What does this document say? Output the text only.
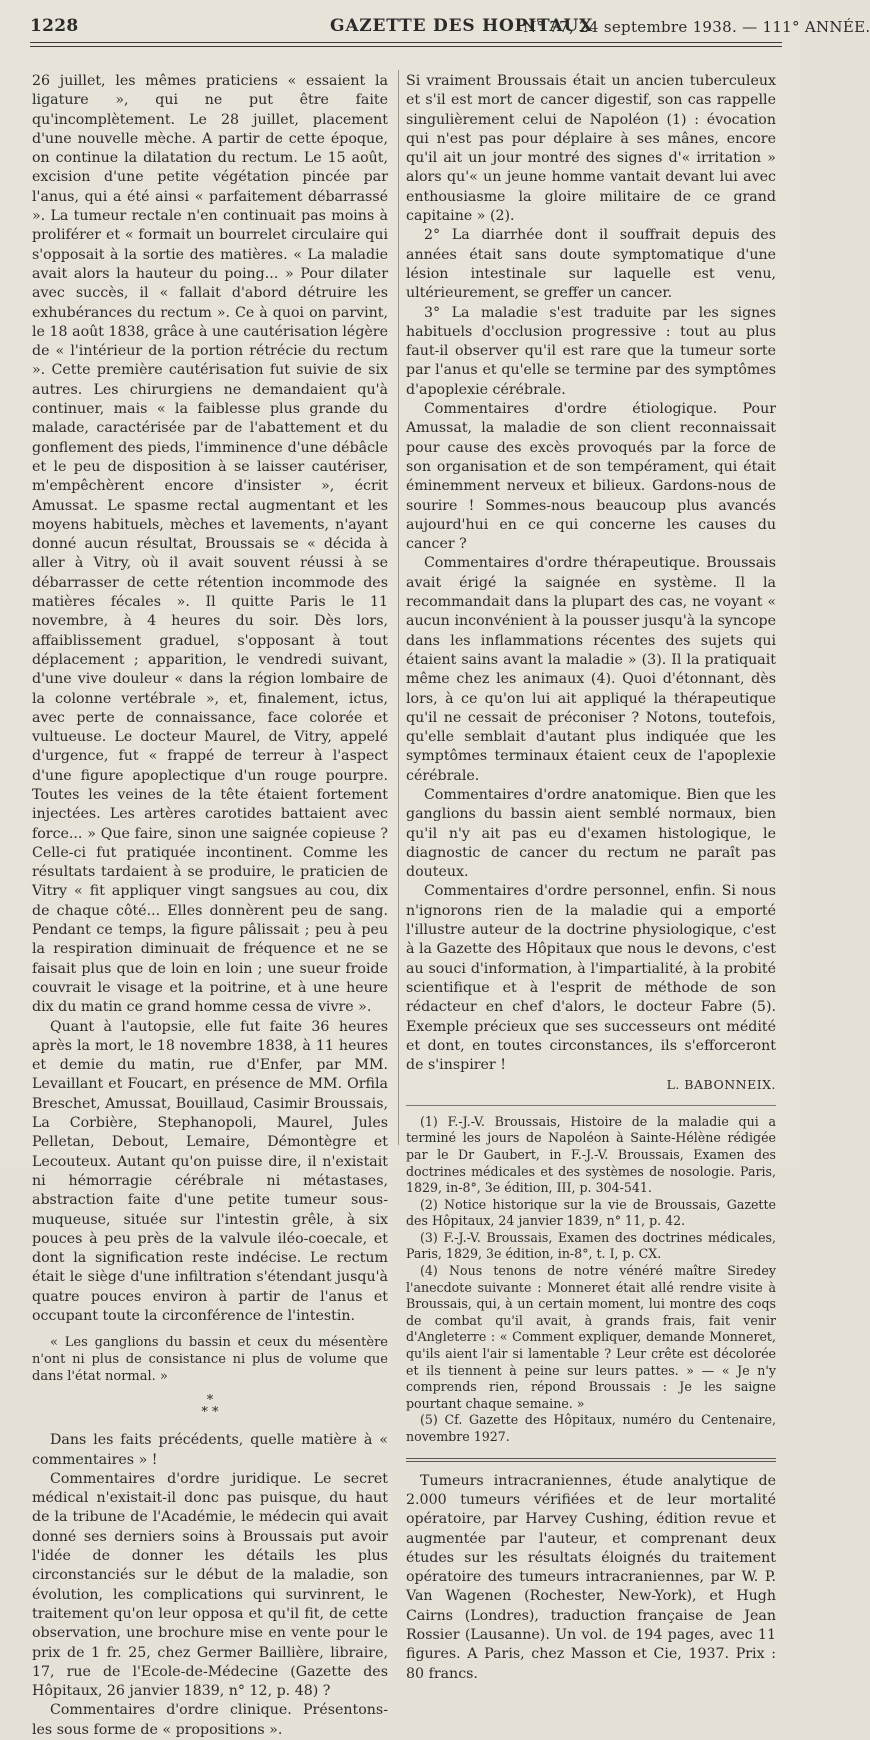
1228	GAZETTE DES HOPITAUX
N° 77, 24 septembre 1938. — 111° ANNÉE.

26 juillet, les mêmes praticiens « essaient la ligature », qui ne put être faite qu'incomplètement. Le 28 juillet, placement d'une nouvelle mèche. A partir de cette époque, on continue la dilatation du rectum. Le 15 août, excision d'une petite végétation pincée par l'anus, qui a été ainsi « parfaitement débarrassé ». La tumeur rectale n'en continuait pas moins à proliférer et « formait un bourrelet circulaire qui s'opposait à la sortie des matières. « La maladie avait alors la hauteur du poing... » Pour dilater avec succès, il « fallait d'abord détruire les exhubérances du rectum ». Ce à quoi on parvint, le 18 août 1838, grâce à une cautérisation légère de « l'intérieur de la portion rétrécie du rectum ». Cette première cautérisation fut suivie de six autres. Les chirurgiens ne demandaient qu'à continuer, mais « la faiblesse plus grande du malade, caractérisée par de l'abattement et du gonflement des pieds, l'imminence d'une débâcle et le peu de disposition à se laisser cautériser, m'empêchèrent encore d'insister », écrit Amussat. Le spasme rectal augmentant et les moyens habituels, mèches et lavements, n'ayant donné aucun résultat, Broussais se « décida à aller à Vitry, où il avait souvent réussi à se débarrasser de cette rétention incommode des matières fécales ». Il quitte Paris le 11 novembre, à 4 heures du soir. Dès lors, affaiblissement graduel, s'opposant à tout déplacement ; apparition, le vendredi suivant, d'une vive douleur « dans la région lombaire de la colonne vertébrale », et, finalement, ictus, avec perte de connaissance, face colorée et vultueuse. Le docteur Maurel, de Vitry, appelé d'urgence, fut « frappé de terreur à l'aspect d'une figure apoplectique d'un rouge pourpre. Toutes les veines de la tête étaient fortement injectées. Les artères carotides battaient avec force... » Que faire, sinon une saignée copieuse ? Celle-ci fut pratiquée incontinent. Comme les résultats tardaient à se produire, le praticien de Vitry « fit appliquer vingt sangsues au cou, dix de chaque côté... Elles donnèrent peu de sang. Pendant ce temps, la figure pâlissait ; peu à peu la respiration diminuait de fréquence et ne se faisait plus que de loin en loin ; une sueur froide couvrait le visage et la poitrine, et à une heure dix du matin ce grand homme cessa de vivre ».

Quant à l'autopsie, elle fut faite 36 heures après la mort, le 18 novembre 1838, à 11 heures et demie du matin, rue d'Enfer, par MM. Levaillant et Foucart, en présence de MM. Orfila Breschet, Amussat, Bouillaud, Casimir Broussais, La Corbière, Stephanopoli, Maurel, Jules Pelletan, Debout, Lemaire, Démontègre et Lecouteux. Autant qu'on puisse dire, il n'existait ni hémorragie cérébrale ni métastases, abstraction faite d'une petite tumeur sous-muqueuse, située sur l'intestin grêle, à six pouces à peu près de la valvule iléo-coecale, et dont la signification reste indécise. Le rectum était le siège d'une infiltration s'étendant jusqu'à quatre pouces environ à partir de l'anus et occupant toute la circonférence de l'intestin.

« Les ganglions du bassin et ceux du mésentère n'ont ni plus de consistance ni plus de volume que dans l'état normal. »

*
* *

Dans les faits précédents, quelle matière à « commentaires » !

Commentaires d'ordre juridique. Le secret médical n'existait-il donc pas puisque, du haut de la tribune de l'Académie, le médecin qui avait donné ses derniers soins à Broussais put avoir l'idée de donner les détails les plus circonstanciés sur le début de la maladie, son évolution, les complications qui survinrent, le traitement qu'on leur opposa et qu'il fit, de cette observation, une brochure mise en vente pour le prix de 1 fr. 25, chez Germer Baillière, libraire, 17, rue de l'Ecole-de-Médecine (Gazette des Hôpitaux, 26 janvier 1839, n° 12, p. 48) ?

Commentaires d'ordre clinique. Présentons-les sous forme de « propositions ».

Si vraiment Broussais était un ancien tuberculeux et s'il est mort de cancer digestif, son cas rappelle singulièrement celui de Napoléon (1) : évocation qui n'est pas pour déplaire à ses mânes, encore qu'il ait un jour montré des signes d'« irritation » alors qu'« un jeune homme vantait devant lui avec enthousiasme la gloire militaire de ce grand capitaine » (2).

2° La diarrhée dont il souffrait depuis des années était sans doute symptomatique d'une lésion intestinale sur laquelle est venu, ultérieurement, se greffer un cancer.

3° La maladie s'est traduite par les signes habituels d'occlusion progressive : tout au plus faut-il observer qu'il est rare que la tumeur sorte par l'anus et qu'elle se termine par des symptômes d'apoplexie cérébrale.

Commentaires d'ordre étiologique. Pour Amussat, la maladie de son client reconnaissait pour cause des excès provoqués par la force de son organisation et de son tempérament, qui était éminemment nerveux et bilieux. Gardons-nous de sourire ! Sommes-nous beaucoup plus avancés aujourd'hui en ce qui concerne les causes du cancer ?

Commentaires d'ordre thérapeutique. Broussais avait érigé la saignée en système. Il la recommandait dans la plupart des cas, ne voyant « aucun inconvénient à la pousser jusqu'à la syncope dans les inflammations récentes des sujets qui étaient sains avant la maladie » (3). Il la pratiquait même chez les animaux (4). Quoi d'étonnant, dès lors, à ce qu'on lui ait appliqué la thérapeutique qu'il ne cessait de préconiser ? Notons, toutefois, qu'elle semblait d'autant plus indiquée que les symptômes terminaux étaient ceux de l'apoplexie cérébrale.

Commentaires d'ordre anatomique. Bien que les ganglions du bassin aient semblé normaux, bien qu'il n'y ait pas eu d'examen histologique, le diagnostic de cancer du rectum ne paraît pas douteux.

Commentaires d'ordre personnel, enfin. Si nous n'ignorons rien de la maladie qui a emporté l'illustre auteur de la doctrine physiologique, c'est à la Gazette des Hôpitaux que nous le devons, c'est au souci d'information, à l'impartialité, à la probité scientifique et à l'esprit de méthode de son rédacteur en chef d'alors, le docteur Fabre (5). Exemple précieux que ses successeurs ont médité et dont, en toutes circonstances, ils s'efforceront de s'inspirer !

L. BABONNEIX.

(1) F.-J.-V. Broussais, Histoire de la maladie qui a terminé les jours de Napoléon à Sainte-Hélène rédigée par le Dr Gaubert, in F.-J.-V. Broussais, Examen des doctrines médicales et des systèmes de nosologie. Paris, 1829, in-8°, 3e édition, III, p. 304-541.

(2) Notice historique sur la vie de Broussais, Gazette des Hôpitaux, 24 janvier 1839, n° 11, p. 42.

(3) F.-J.-V. Broussais, Examen des doctrines médicales, Paris, 1829, 3e édition, in-8°, t. I, p. CX.

(4) Nous tenons de notre vénéré maître Siredey l'anecdote suivante : Monneret était allé rendre visite à Broussais, qui, à un certain moment, lui montre des coqs de combat qu'il avait, à grands frais, fait venir d'Angleterre : « Comment expliquer, demande Monneret, qu'ils aient l'air si lamentable ? Leur crête est décolorée et ils tiennent à peine sur leurs pattes. » — « Je n'y comprends rien, répond Broussais : Je les saigne pourtant chaque semaine. »

(5) Cf. Gazette des Hôpitaux, numéro du Centenaire, novembre 1927.

Tumeurs intracraniennes, étude analytique de 2.000 tumeurs vérifiées et de leur mortalité opératoire, par Harvey Cushing, édition revue et augmentée par l'auteur, et comprenant deux études sur les résultats éloignés du traitement opératoire des tumeurs intracraniennes, par W. P. Van Wagenen (Rochester, New-York), et Hugh Cairns (Londres), traduction française de Jean Rossier (Lausanne). Un vol. de 194 pages, avec 11 figures. A Paris, chez Masson et Cie, 1937. Prix : 80 francs.
